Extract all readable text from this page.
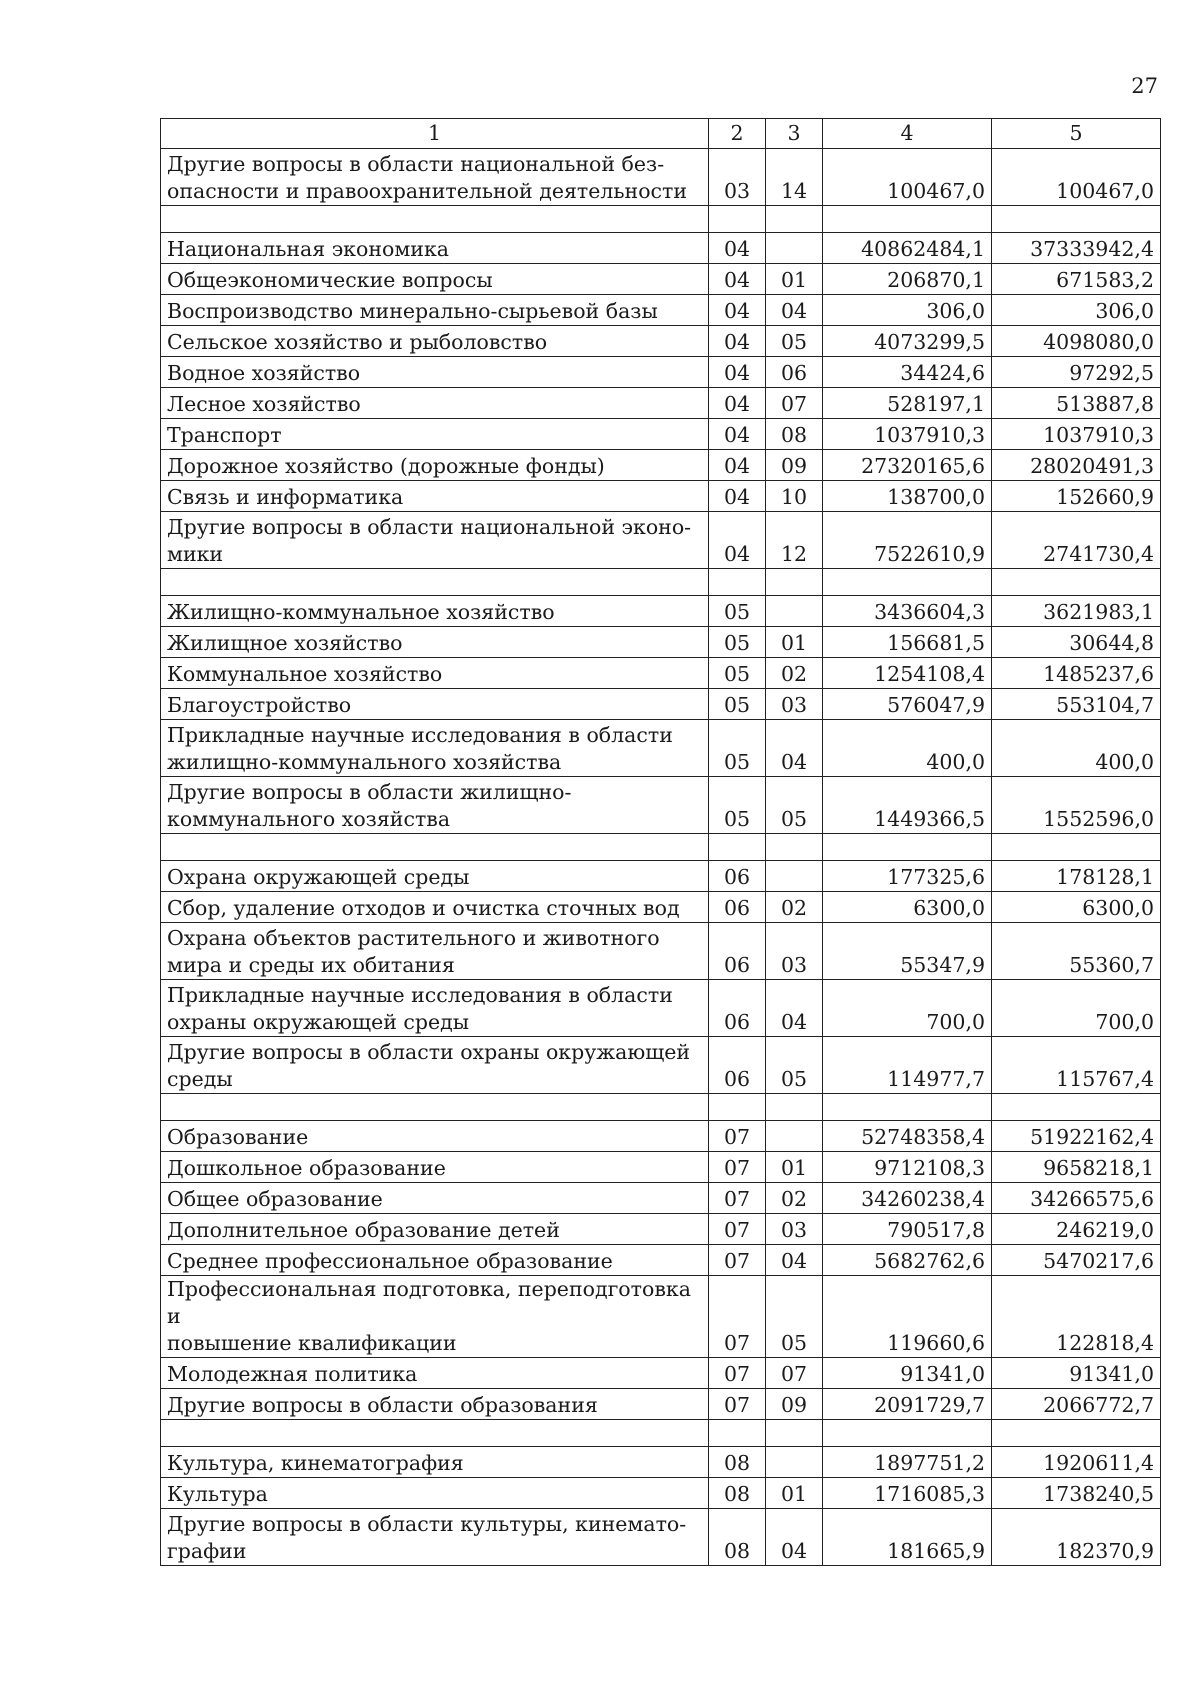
27
1	2	3	4	5
Другие вопросы в области национальной без-
опасности и правоохранительной деятельности	03	14	100467,0	100467,0

Национальная экономика	04		40862484,1	37333942,4
Общеэкономические вопросы	04	01	206870,1	671583,2
Воспроизводство минерально-сырьевой базы	04	04	306,0	306,0
Сельское хозяйство и рыболовство	04	05	4073299,5	4098080,0
Водное хозяйство	04	06	34424,6	97292,5
Лесное хозяйство	04	07	528197,1	513887,8
Транспорт	04	08	1037910,3	1037910,3
Дорожное хозяйство (дорожные фонды)	04	09	27320165,6	28020491,3
Связь и информатика	04	10	138700,0	152660,9
Другие вопросы в области национальной эконо-
мики	04	12	7522610,9	2741730,4

Жилищно-коммунальное хозяйство	05		3436604,3	3621983,1
Жилищное хозяйство	05	01	156681,5	30644,8
Коммунальное хозяйство	05	02	1254108,4	1485237,6
Благоустройство	05	03	576047,9	553104,7
Прикладные научные исследования в области
жилищно-коммунального хозяйства	05	04	400,0	400,0
Другие вопросы в области жилищно-
коммунального хозяйства	05	05	1449366,5	1552596,0

Охрана окружающей среды	06		177325,6	178128,1
Сбор, удаление отходов и очистка сточных вод	06	02	6300,0	6300,0
Охрана объектов растительного и животного
мира и среды их обитания	06	03	55347,9	55360,7
Прикладные научные исследования в области
охраны окружающей среды	06	04	700,0	700,0
Другие вопросы в области охраны окружающей
среды	06	05	114977,7	115767,4

Образование	07		52748358,4	51922162,4
Дошкольное образование	07	01	9712108,3	9658218,1
Общее образование	07	02	34260238,4	34266575,6
Дополнительное образование детей	07	03	790517,8	246219,0
Среднее профессиональное образование	07	04	5682762,6	5470217,6
Профессиональная подготовка, переподготовка и
повышение квалификации	07	05	119660,6	122818,4
Молодежная политика	07	07	91341,0	91341,0
Другие вопросы в области образования	07	09	2091729,7	2066772,7

Культура, кинематография	08		1897751,2	1920611,4
Культура	08	01	1716085,3	1738240,5
Другие вопросы в области культуры, кинемато-
графии	08	04	181665,9	182370,9
